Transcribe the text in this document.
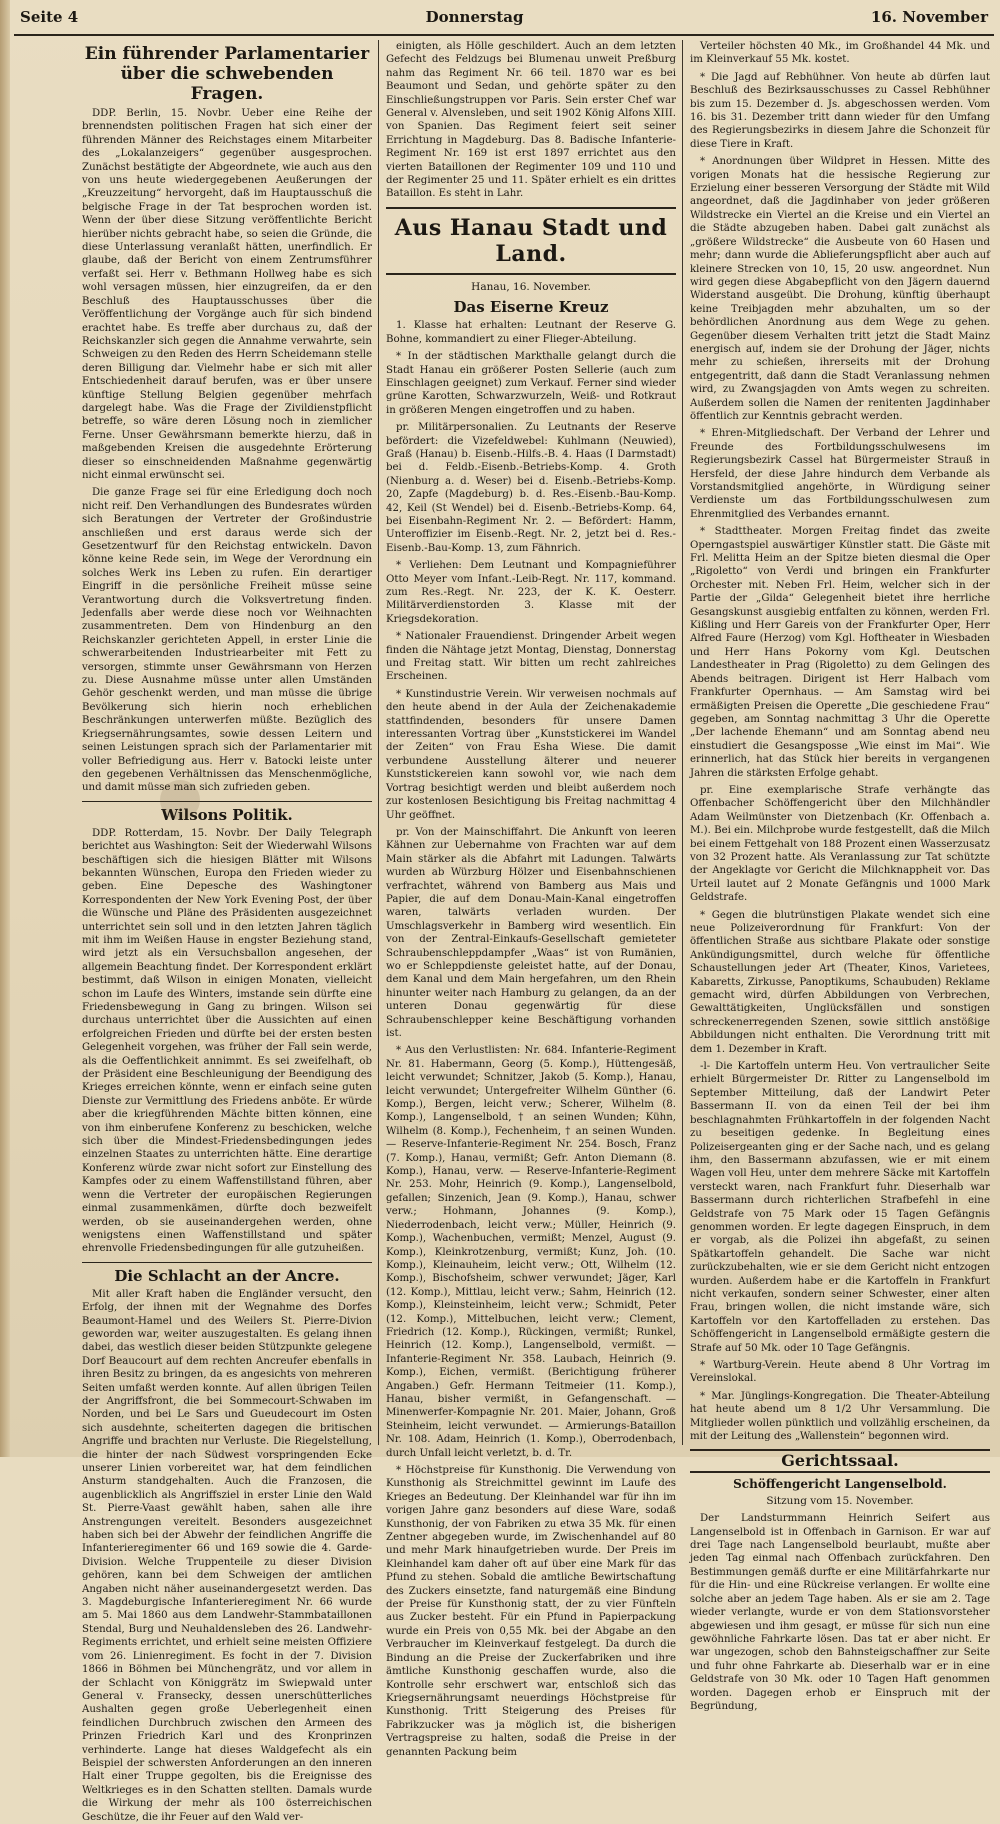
Seite 4	Donnerstag	16. November
Ein führender Parlamentarier über die schwebenden Fragen.

DDP. Berlin, 15. Novbr. Ueber eine Reihe der brennendsten politischen Fragen hat sich einer der führenden Männer des Reichstages einem Mitarbeiter des „Lokalanzeigers“ gegenüber ausgesprochen. Zunächst bestätigte der Abgeordnete, wie auch aus den von uns heute wiedergegebenen Aeußerungen der „Kreuzzeitung“ hervorgeht, daß im Hauptausschuß die belgische Frage in der Tat besprochen worden ist. Wenn der über diese Sitzung veröffentlichte Bericht hierüber nichts gebracht habe, so seien die Gründe, die diese Unterlassung veranlaßt hätten, unerfindlich. Er glaube, daß der Bericht von einem Zentrumsführer verfaßt sei. Herr v. Bethmann Hollweg habe es sich wohl versagen müssen, hier einzugreifen, da er den Beschluß des Hauptausschusses über die Veröffentlichung der Vorgänge auch für sich bindend erachtet habe. Es treffe aber durchaus zu, daß der Reichskanzler sich gegen die Annahme verwahrte, sein Schweigen zu den Reden des Herrn Scheidemann stelle deren Billigung dar. Vielmehr habe er sich mit aller Entschiedenheit darauf berufen, was er über unsere künftige Stellung Belgien gegenüber mehrfach dargelegt habe. Was die Frage der Zivildienstpflicht betreffe, so wäre deren Lösung noch in ziemlicher Ferne. Unser Gewährsmann bemerkte hierzu, daß in maßgebenden Kreisen die ausgedehnte Erörterung dieser so einschneidenden Maßnahme gegenwärtig nicht einmal erwünscht sei.

Die ganze Frage sei für eine Erledigung doch noch nicht reif. Den Verhandlungen des Bundesrates würden sich Beratungen der Vertreter der Großindustrie anschließen und erst daraus werde sich der Gesetzentwurf für den Reichstag entwickeln. Davon könne keine Rede sein, im Wege der Verordnung ein solches Werk ins Leben zu rufen. Ein derartiger Eingriff in die persönliche Freiheit müsse seine Verantwortung durch die Volksvertretung finden. Jedenfalls aber werde diese noch vor Weihnachten zusammentreten. Dem von Hindenburg an den Reichskanzler gerichteten Appell, in erster Linie die schwerarbeitenden Industriearbeiter mit Fett zu versorgen, stimmte unser Gewährsmann von Herzen zu. Diese Ausnahme müsse unter allen Umständen Gehör geschenkt werden, und man müsse die übrige Bevölkerung sich hierin noch erheblichen Beschränkungen unterwerfen müßte. Bezüglich des Kriegsernährungsamtes, sowie dessen Leitern und seinen Leistungen sprach sich der Parlamentarier mit voller Befriedigung aus. Herr v. Batocki leiste unter den gegebenen Verhältnissen das Menschenmögliche, und damit müsse man sich zufrieden geben.

Wilsons Politik.

DDP. Rotterdam, 15. Novbr. Der Daily Telegraph berichtet aus Washington: Seit der Wiederwahl Wilsons beschäftigen sich die hiesigen Blätter mit Wilsons bekannten Wünschen, Europa den Frieden wieder zu geben. Eine Depesche des Washingtoner Korrespondenten der New York Evening Post, der über die Wünsche und Pläne des Präsidenten ausgezeichnet unterrichtet sein soll und in den letzten Jahren täglich mit ihm im Weißen Hause in engster Beziehung stand, wird jetzt als ein Versuchsballon angesehen, der allgemein Beachtung findet. Der Korrespondent erklärt bestimmt, daß Wilson in einigen Monaten, vielleicht schon im Laufe des Winters, imstande sein dürfte eine Friedensbewegung in Gang zu bringen. Wilson sei durchaus unterrichtet über die Aussichten auf einen erfolgreichen Frieden und dürfte bei der ersten besten Gelegenheit vorgehen, was früher der Fall sein werde, als die Oeffentlichkeit annimmt. Es sei zweifelhaft, ob der Präsident eine Beschleunigung der Beendigung des Krieges erreichen könnte, wenn er einfach seine guten Dienste zur Vermittlung des Friedens anböte. Er würde aber die kriegführenden Mächte bitten können, eine von ihm einberufene Konferenz zu beschicken, welche sich über die Mindest-Friedensbedingungen jedes einzelnen Staates zu unterrichten hätte. Eine derartige Konferenz würde zwar nicht sofort zur Einstellung des Kampfes oder zu einem Waffenstillstand führen, aber wenn die Vertreter der europäischen Regierungen einmal zusammenkämen, dürfte doch bezweifelt werden, ob sie auseinandergehen werden, ohne wenigstens einen Waffenstillstand und später ehrenvolle Friedensbedingungen für alle gutzuheißen.

Die Schlacht an der Ancre.

Mit aller Kraft haben die Engländer versucht, den Erfolg, der ihnen mit der Wegnahme des Dorfes Beaumont-Hamel und des Weilers St. Pierre-Divion geworden war, weiter auszugestalten. Es gelang ihnen dabei, das westlich dieser beiden Stützpunkte gelegene Dorf Beaucourt auf dem rechten Ancreufer ebenfalls in ihren Besitz zu bringen, da es angesichts von mehreren Seiten umfaßt werden konnte. Auf allen übrigen Teilen der Angriffsfront, die bei Sommecourt-Schwaben im Norden, und bei Le Sars und Gueudecourt im Osten sich ausdehnte, scheiterten dagegen die britischen Angriffe und brachten nur Verluste. Die Riegelstellung, die hinter der nach Südwest vorspringenden Ecke unserer Linien vorbereitet war, hat dem feindlichen Ansturm standgehalten. Auch die Franzosen, die augenblicklich als Angriffsziel in erster Linie den Wald St. Pierre-Vaast gewählt haben, sahen alle ihre Anstrengungen vereitelt. Besonders ausgezeichnet haben sich bei der Abwehr der feindlichen Angriffe die Infanterieregimenter 66 und 169 sowie die 4. Garde-Division. Welche Truppenteile zu dieser Division gehören, kann bei dem Schweigen der amtlichen Angaben nicht näher auseinandergesetzt werden. Das 3. Magdeburgische Infanterieregiment Nr. 66 wurde am 5. Mai 1860 aus dem Landwehr-Stammbataillonen Stendal, Burg und Neuhaldensleben des 26. Landwehr-Regiments errichtet, und erhielt seine meisten Offiziere vom 26. Linienregiment. Es focht in der 7. Division 1866 in Böhmen bei Münchengrätz, und vor allem in der Schlacht von Königgrätz im Swiepwald unter General v. Fransecky, dessen unerschütterliches Aushalten gegen große Ueberlegenheit einen feindlichen Durchbruch zwischen den Armeen des Prinzen Friedrich Karl und des Kronprinzen verhinderte. Lange hat dieses Waldgefecht als ein Beispiel der schwersten Anforderungen an den inneren Halt einer Truppe gegolten, bis die Ereignisse des Weltkrieges es in den Schatten stellten. Damals wurde die Wirkung der mehr als 100 österreichischen Geschütze, die ihr Feuer auf den Wald ver-

einigten, als Hölle geschildert. Auch an dem letzten Gefecht des Feldzugs bei Blumenau unweit Preßburg nahm das Regiment Nr. 66 teil. 1870 war es bei Beaumont und Sedan, und gehörte später zu den Einschließungstruppen vor Paris. Sein erster Chef war General v. Alvensleben, und seit 1902 König Alfons XIII. von Spanien. Das Regiment feiert seit seiner Errichtung in Magdeburg. Das 8. Badische Infanterie-Regiment Nr. 169 ist erst 1897 errichtet aus den vierten Bataillonen der Regimenter 109 und 110 und der Regimenter 25 und 11. Später erhielt es ein drittes Bataillon. Es steht in Lahr.

Aus Hanau Stadt und Land.
Hanau, 16. November.
Das Eiserne Kreuz

1. Klasse hat erhalten: Leutnant der Reserve G. Bohne, kommandiert zu einer Flieger-Abteilung.

* In der städtischen Markthalle gelangt durch die Stadt Hanau ein größerer Posten Sellerie (auch zum Einschlagen geeignet) zum Verkauf. Ferner sind wieder grüne Karotten, Schwarzwurzeln, Weiß- und Rotkraut in größeren Mengen eingetroffen und zu haben.

pr. Militärpersonalien. Zu Leutnants der Reserve befördert: die Vizefeldwebel: Kuhlmann (Neuwied), Graß (Hanau) b. Eisenb.-Hilfs.-B. 4. Haas (I Darmstadt) bei d. Feldb.-Eisenb.-Betriebs-Komp. 4. Groth (Nienburg a. d. Weser) bei d. Eisenb.-Betriebs-Komp. 20, Zapfe (Magdeburg) b. d. Res.-Eisenb.-Bau-Komp. 42, Keil (St Wendel) bei d. Eisenb.-Betriebs-Komp. 64, bei Eisenbahn-Regiment Nr. 2. — Befördert: Hamm, Unteroffizier im Eisenb.-Regt. Nr. 2, jetzt bei d. Res.-Eisenb.-Bau-Komp. 13, zum Fähnrich.

* Verliehen: Dem Leutnant und Kompagnieführer Otto Meyer vom Infant.-Leib-Regt. Nr. 117, kommand. zum Res.-Regt. Nr. 223, der K. K. Oesterr. Militärverdienstorden 3. Klasse mit der Kriegsdekoration.

* Nationaler Frauendienst. Dringender Arbeit wegen finden die Nähtage jetzt Montag, Dienstag, Donnerstag und Freitag statt. Wir bitten um recht zahlreiches Erscheinen.

* Kunstindustrie Verein. Wir verweisen nochmals auf den heute abend in der Aula der Zeichenakademie stattfindenden, besonders für unsere Damen interessanten Vortrag über „Kunststickerei im Wandel der Zeiten“ von Frau Esha Wiese. Die damit verbundene Ausstellung älterer und neuerer Kunststickereien kann sowohl vor, wie nach dem Vortrag besichtigt werden und bleibt außerdem noch zur kostenlosen Besichtigung bis Freitag nachmittag 4 Uhr geöffnet.

pr. Von der Mainschiffahrt. Die Ankunft von leeren Kähnen zur Uebernahme von Frachten war auf dem Main stärker als die Abfahrt mit Ladungen. Talwärts wurden ab Würzburg Hölzer und Eisenbahnschienen verfrachtet, während von Bamberg aus Mais und Papier, die auf dem Donau-Main-Kanal eingetroffen waren, talwärts verladen wurden. Der Umschlagsverkehr in Bamberg wird wesentlich. Ein von der Zentral-Einkaufs-Gesellschaft gemieteter Schraubenschleppdampfer „Waas“ ist von Rumänien, wo er Schleppdienste geleistet hatte, auf der Donau, dem Kanal und dem Main hergefahren, um den Rhein hinunter weiter nach Hamburg zu gelangen, da an der unteren Donau gegenwärtig für diese Schraubenschlepper keine Beschäftigung vorhanden ist.

* Aus den Verlustlisten: Nr. 684. Infanterie-Regiment Nr. 81. Habermann, Georg (5. Komp.), Hüttengesäß, leicht verwundet; Schnitzer, Jakob (5. Komp.), Hanau, leicht verwundet; Untergefreiter Wilhelm Günther (6. Komp.), Bergen, leicht verw.; Scherer, Wilhelm (8. Komp.), Langenselbold, † an seinen Wunden; Kühn, Wilhelm (8. Komp.), Fechenheim, † an seinen Wunden. — Reserve-Infanterie-Regiment Nr. 254. Bosch, Franz (7. Komp.), Hanau, vermißt; Gefr. Anton Diemann (8. Komp.), Hanau, verw. — Reserve-Infanterie-Regiment Nr. 253. Mohr, Heinrich (9. Komp.), Langenselbold, gefallen; Sinzenich, Jean (9. Komp.), Hanau, schwer verw.; Hohmann, Johannes (9. Komp.), Niederrodenbach, leicht verw.; Müller, Heinrich (9. Komp.), Wachenbuchen, vermißt; Menzel, August (9. Komp.), Kleinkrotzenburg, vermißt; Kunz, Joh. (10. Komp.), Kleinauheim, leicht verw.; Ott, Wilhelm (12. Komp.), Bischofsheim, schwer verwundet; Jäger, Karl (12. Komp.), Mittlau, leicht verw.; Sahm, Heinrich (12. Komp.), Kleinsteinheim, leicht verw.; Schmidt, Peter (12. Komp.), Mittelbuchen, leicht verw.; Clement, Friedrich (12. Komp.), Rückingen, vermißt; Runkel, Heinrich (12. Komp.), Langenselbold, vermißt. — Infanterie-Regiment Nr. 358. Laubach, Heinrich (9. Komp.), Eichen, vermißt. (Berichtigung früherer Angaben.) Gefr. Hermann Teitmeier (11. Komp.), Hanau, bisher vermißt, in Gefangenschaft. — Minenwerfer-Kompagnie Nr. 201. Maier, Johann, Groß Steinheim, leicht verwundet. — Armierungs-Bataillon Nr. 108. Adam, Heinrich (1. Komp.), Oberrodenbach, durch Unfall leicht verletzt, b. d. Tr.

* Höchstpreise für Kunsthonig. Die Verwendung von Kunsthonig als Streichmittel gewinnt im Laufe des Krieges an Bedeutung. Der Kleinhandel war für ihn im vorigen Jahre ganz besonders auf diese Ware, sodaß Kunsthonig, der von Fabriken zu etwa 35 Mk. für einen Zentner abgegeben wurde, im Zwischenhandel auf 80 und mehr Mark hinaufgetrieben wurde. Der Preis im Kleinhandel kam daher oft auf über eine Mark für das Pfund zu stehen. Sobald die amtliche Bewirtschaftung des Zuckers einsetzte, fand naturgemäß eine Bindung der Preise für Kunsthonig statt, der zu vier Fünfteln aus Zucker besteht. Für ein Pfund in Papierpackung wurde ein Preis von 0,55 Mk. bei der Abgabe an den Verbraucher im Kleinverkauf festgelegt. Da durch die Bindung an die Preise der Zuckerfabriken und ihre ämtliche Kunsthonig geschaffen wurde, also die Kontrolle sehr erschwert war, entschloß sich das Kriegsernährungsamt neuerdings Höchstpreise für Kunsthonig. Tritt Steigerung des Preises für Fabrikzucker was ja möglich ist, die bisherigen Vertragspreise zu halten, sodaß die Preise in der genannten Packung beim

Verteiler höchsten 40 Mk., im Großhandel 44 Mk. und im Kleinverkauf 55 Mk. kostet.

* Die Jagd auf Rebhühner. Von heute ab dürfen laut Beschluß des Bezirksausschusses zu Cassel Rebhühner bis zum 15. Dezember d. Js. abgeschossen werden. Vom 16. bis 31. Dezember tritt dann wieder für den Umfang des Regierungsbezirks in diesem Jahre die Schonzeit für diese Tiere in Kraft.

* Anordnungen über Wildpret in Hessen. Mitte des vorigen Monats hat die hessische Regierung zur Erzielung einer besseren Versorgung der Städte mit Wild angeordnet, daß die Jagdinhaber von jeder größeren Wildstrecke ein Viertel an die Kreise und ein Viertel an die Städte abzugeben haben. Dabei galt zunächst als „größere Wildstrecke“ die Ausbeute von 60 Hasen und mehr; dann wurde die Ablieferungspflicht aber auch auf kleinere Strecken von 10, 15, 20 usw. angeordnet. Nun wird gegen diese Abgabepflicht von den Jägern dauernd Widerstand ausgeübt. Die Drohung, künftig überhaupt keine Treibjagden mehr abzuhalten, um so der behördlichen Anordnung aus dem Wege zu gehen. Gegenüber diesem Verhalten tritt jetzt die Stadt Mainz energisch auf, indem sie der Drohung der Jäger, nichts mehr zu schießen, ihrerseits mit der Drohung entgegentritt, daß dann die Stadt Veranlassung nehmen wird, zu Zwangsjagden von Amts wegen zu schreiten. Außerdem sollen die Namen der renitenten Jagdinhaber öffentlich zur Kenntnis gebracht werden.

* Ehren-Mitgliedschaft. Der Verband der Lehrer und Freunde des Fortbildungsschulwesens im Regierungsbezirk Cassel hat Bürgermeister Strauß in Hersfeld, der diese Jahre hindurch dem Verbande als Vorstandsmitglied angehörte, in Würdigung seiner Verdienste um das Fortbildungsschulwesen zum Ehrenmitglied des Verbandes ernannt.

* Stadttheater. Morgen Freitag findet das zweite Operngastspiel auswärtiger Künstler statt. Die Gäste mit Frl. Melitta Heim an der Spitze bieten diesmal die Oper „Rigoletto“ von Verdi und bringen ein Frankfurter Orchester mit. Neben Frl. Heim, welcher sich in der Partie der „Gilda“ Gelegenheit bietet ihre herrliche Gesangskunst ausgiebig entfalten zu können, werden Frl. Kißling und Herr Gareis von der Frankfurter Oper, Herr Alfred Faure (Herzog) vom Kgl. Hoftheater in Wiesbaden und Herr Hans Pokorny vom Kgl. Deutschen Landestheater in Prag (Rigoletto) zu dem Gelingen des Abends beitragen. Dirigent ist Herr Halbach vom Frankfurter Opernhaus. — Am Samstag wird bei ermäßigten Preisen die Operette „Die geschiedene Frau“ gegeben, am Sonntag nachmittag 3 Uhr die Operette „Der lachende Ehemann“ und am Sonntag abend neu einstudiert die Gesangsposse „Wie einst im Mai“. Wie erinnerlich, hat das Stück hier bereits in vergangenen Jahren die stärksten Erfolge gehabt.

pr. Eine exemplarische Strafe verhängte das Offenbacher Schöffengericht über den Milchhändler Adam Weilmünster von Dietzenbach (Kr. Offenbach a. M.). Bei ein. Milchprobe wurde festgestellt, daß die Milch bei einem Fettgehalt von 188 Prozent einen Wasserzusatz von 32 Prozent hatte. Als Veranlassung zur Tat schützte der Angeklagte vor Gericht die Milchknappheit vor. Das Urteil lautet auf 2 Monate Gefängnis und 1000 Mark Geldstrafe.

* Gegen die blutrünstigen Plakate wendet sich eine neue Polizeiverordnung für Frankfurt: Von der öffentlichen Straße aus sichtbare Plakate oder sonstige Ankündigungsmittel, durch welche für öffentliche Schaustellungen jeder Art (Theater, Kinos, Varietees, Kabaretts, Zirkusse, Panoptikums, Schaubuden) Reklame gemacht wird, dürfen Abbildungen von Verbrechen, Gewalttätigkeiten, Unglücksfällen und sonstigen schreckenerregenden Szenen, sowie sittlich anstößige Abbildungen nicht enthalten. Die Verordnung tritt mit dem 1. Dezember in Kraft.

-l- Die Kartoffeln unterm Heu. Von vertraulicher Seite erhielt Bürgermeister Dr. Ritter zu Langenselbold im September Mitteilung, daß der Landwirt Peter Bassermann II. von da einen Teil der bei ihm beschlagnahmten Frühkartoffeln in der folgenden Nacht zu beseitigen gedenke. In Begleitung eines Polizeisergeanten ging er der Sache nach, und es gelang ihm, den Bassermann abzufassen, wie er mit einem Wagen voll Heu, unter dem mehrere Säcke mit Kartoffeln versteckt waren, nach Frankfurt fuhr. Dieserhalb war Bassermann durch richterlichen Strafbefehl in eine Geldstrafe von 75 Mark oder 15 Tagen Gefängnis genommen worden. Er legte dagegen Einspruch, in dem er vorgab, als die Polizei ihn abgefaßt, zu seinen Spätkartoffeln gehandelt. Die Sache war nicht zurückzubehalten, wie er sie dem Gericht nicht entzogen wurden. Außerdem habe er die Kartoffeln in Frankfurt nicht verkaufen, sondern seiner Schwester, einer alten Frau, bringen wollen, die nicht imstande wäre, sich Kartoffeln vor den Kartoffelladen zu erstehen. Das Schöffengericht in Langenselbold ermäßigte gestern die Strafe auf 50 Mk. oder 10 Tage Gefängnis.

* Wartburg-Verein. Heute abend 8 Uhr Vortrag im Vereinslokal.

* Mar. Jünglings-Kongregation. Die Theater-Abteilung hat heute abend um 8 1/2 Uhr Versammlung. Die Mitglieder wollen pünktlich und vollzählig erscheinen, da mit der Leitung des „Wallenstein“ begonnen wird.

Gerichtssaal.
Schöffengericht Langenselbold.
Sitzung vom 15. November.

Der Landsturmmann Heinrich Seifert aus Langenselbold ist in Offenbach in Garnison. Er war auf drei Tage nach Langenselbold beurlaubt, mußte aber jeden Tag einmal nach Offenbach zurückfahren. Den Bestimmungen gemäß durfte er eine Militärfahrkarte nur für die Hin- und eine Rückreise verlangen. Er wollte eine solche aber an jedem Tage haben. Als er sie am 2. Tage wieder verlangte, wurde er von dem Stationsvorsteher abgewiesen und ihm gesagt, er müsse für sich nun eine gewöhnliche Fahrkarte lösen. Das tat er aber nicht. Er war ungezogen, schob den Bahnsteigschaffner zur Seite und fuhr ohne Fahrkarte ab. Dieserhalb war er in eine Geldstrafe von 30 Mk. oder 10 Tagen Haft genommen worden. Dagegen erhob er Einspruch mit der Begründung,
